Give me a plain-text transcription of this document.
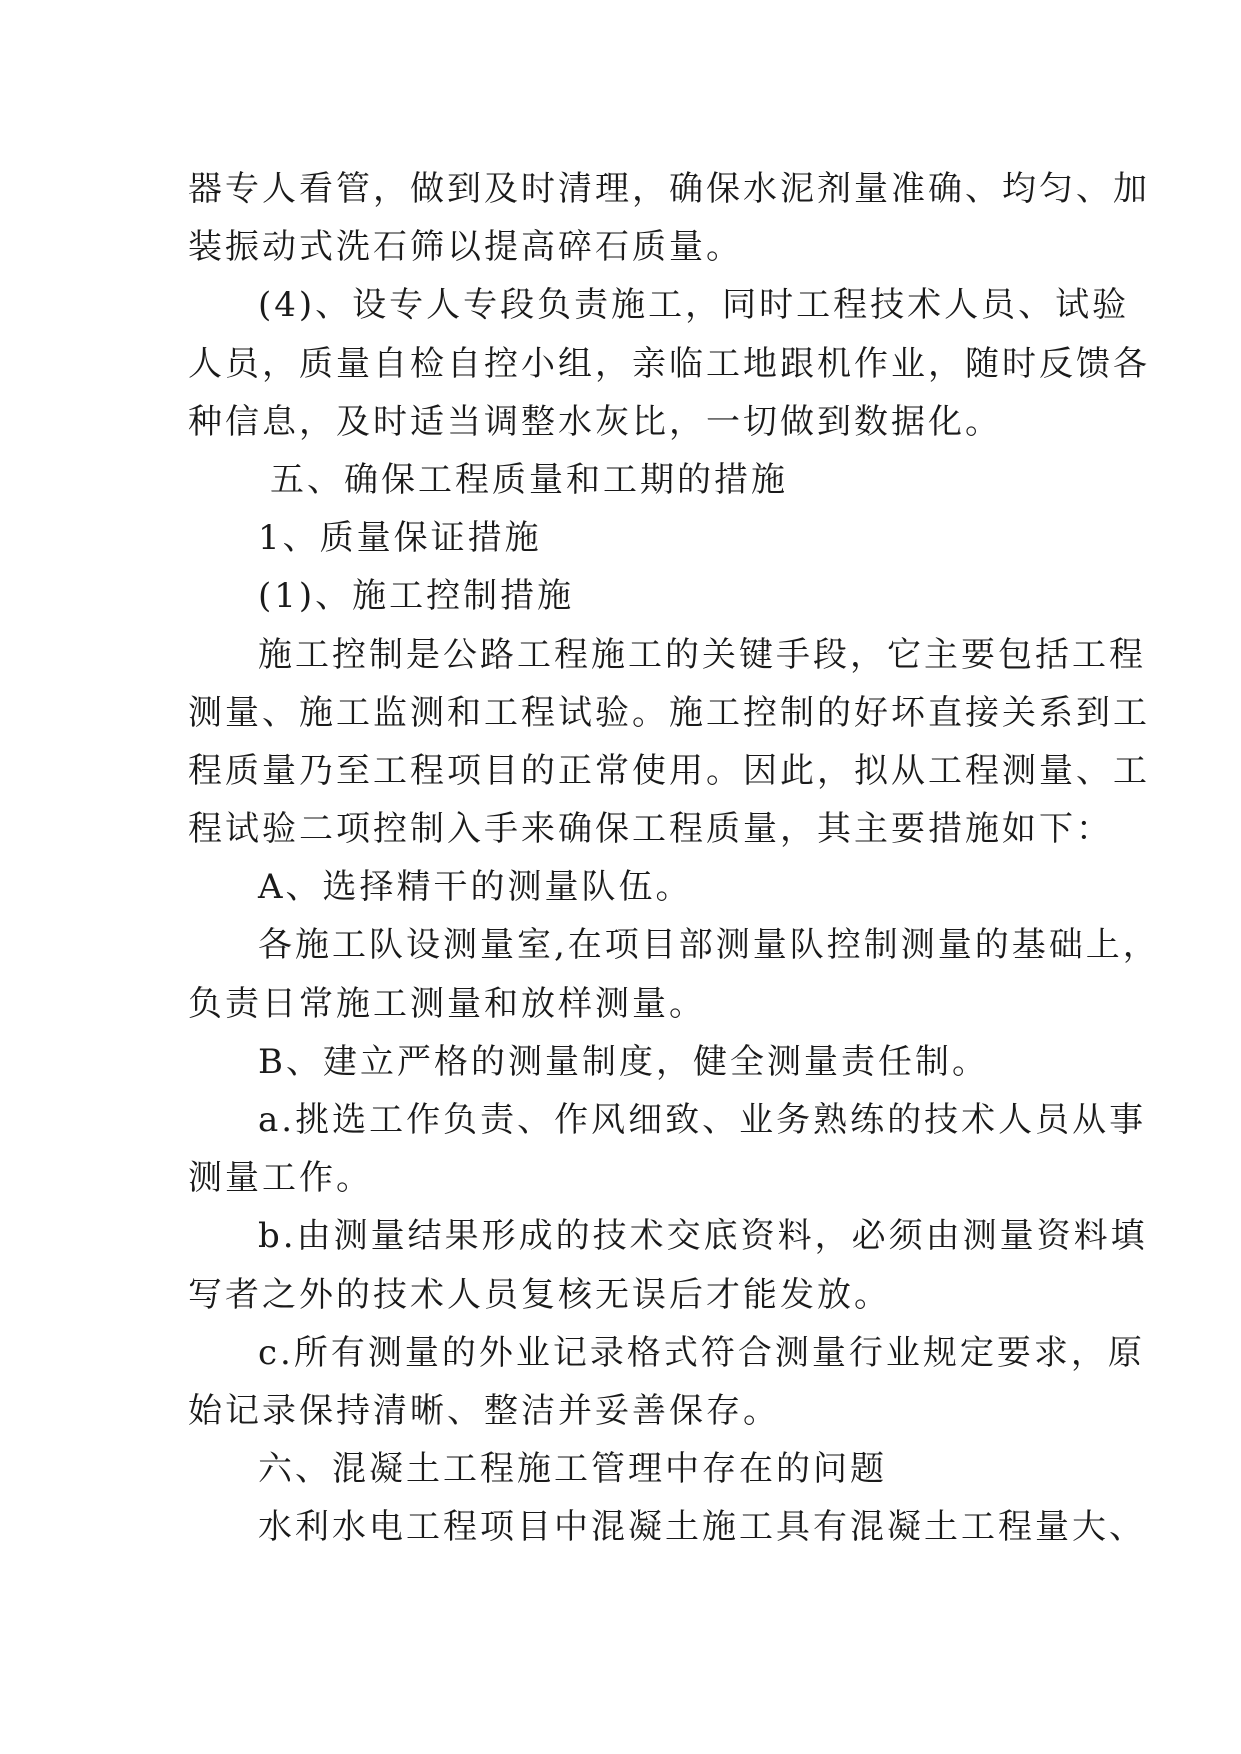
器专人看管，做到及时清理，确保水泥剂量准确、均匀、加
装振动式洗石筛以提高碎石质量。
(4)、设专人专段负责施工，同时工程技术人员、试验
人员，质量自检自控小组，亲临工地跟机作业，随时反馈各
种信息，及时适当调整水灰比，一切做到数据化。
五、确保工程质量和工期的措施
1、质量保证措施
(1)、施工控制措施
施工控制是公路工程施工的关键手段，它主要包括工程
测量、施工监测和工程试验。施工控制的好坏直接关系到工
程质量乃至工程项目的正常使用。因此，拟从工程测量、工
程试验二项控制入手来确保工程质量，其主要措施如下：
A、选择精干的测量队伍。
各施工队设测量室,在项目部测量队控制测量的基础上，
负责日常施工测量和放样测量。
B、建立严格的测量制度，健全测量责任制。
a.挑选工作负责、作风细致、业务熟练的技术人员从事
测量工作。
b.由测量结果形成的技术交底资料，必须由测量资料填
写者之外的技术人员复核无误后才能发放。
c.所有测量的外业记录格式符合测量行业规定要求，原
始记录保持清晰、整洁并妥善保存。
六、混凝土工程施工管理中存在的问题
水利水电工程项目中混凝土施工具有混凝土工程量大、
